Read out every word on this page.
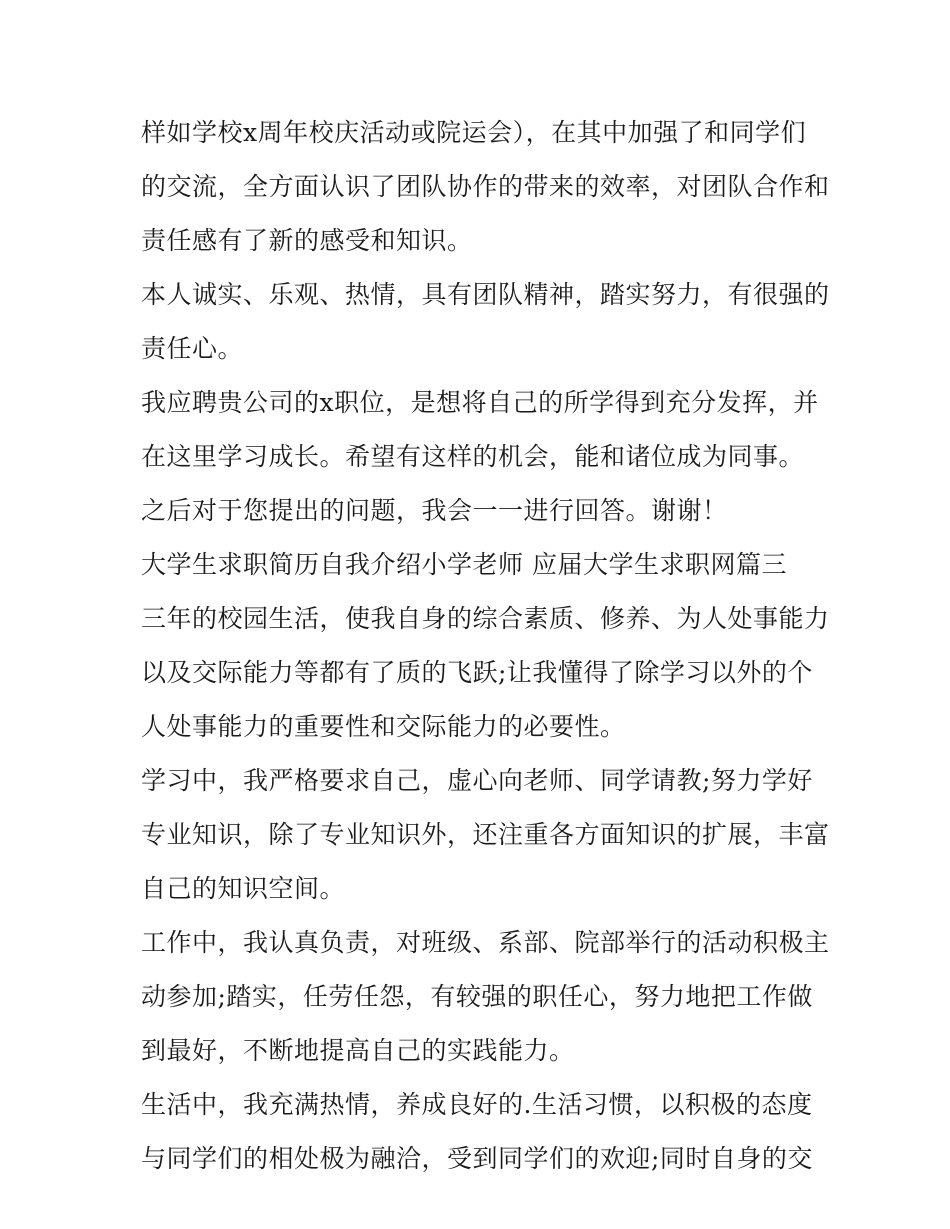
样如学校x周年校庆活动或院运会），在其中加强了和同学们
的交流，全方面认识了团队协作的带来的效率，对团队合作和
责任感有了新的感受和知识。
本人诚实、乐观、热情，具有团队精神，踏实努力，有很强的
责任心。
我应聘贵公司的x职位，是想将自己的所学得到充分发挥，并
在这里学习成长。希望有这样的机会，能和诸位成为同事。
之后对于您提出的问题，我会一一进行回答。谢谢！
大学生求职简历自我介绍小学老师 应届大学生求职网篇三
三年的校园生活，使我自身的综合素质、修养、为人处事能力
以及交际能力等都有了质的飞跃;让我懂得了除学习以外的个
人处事能力的重要性和交际能力的必要性。
学习中，我严格要求自己，虚心向老师、同学请教;努力学好
专业知识，除了专业知识外，还注重各方面知识的扩展，丰富
自己的知识空间。
工作中，我认真负责，对班级、系部、院部举行的活动积极主
动参加;踏实，任劳任怨，有较强的职任心，努力地把工作做
到最好，不断地提高自己的实践能力。
生活中，我充满热情，养成良好的.生活习惯，以积极的态度
与同学们的相处极为融洽，受到同学们的欢迎;同时自身的交
